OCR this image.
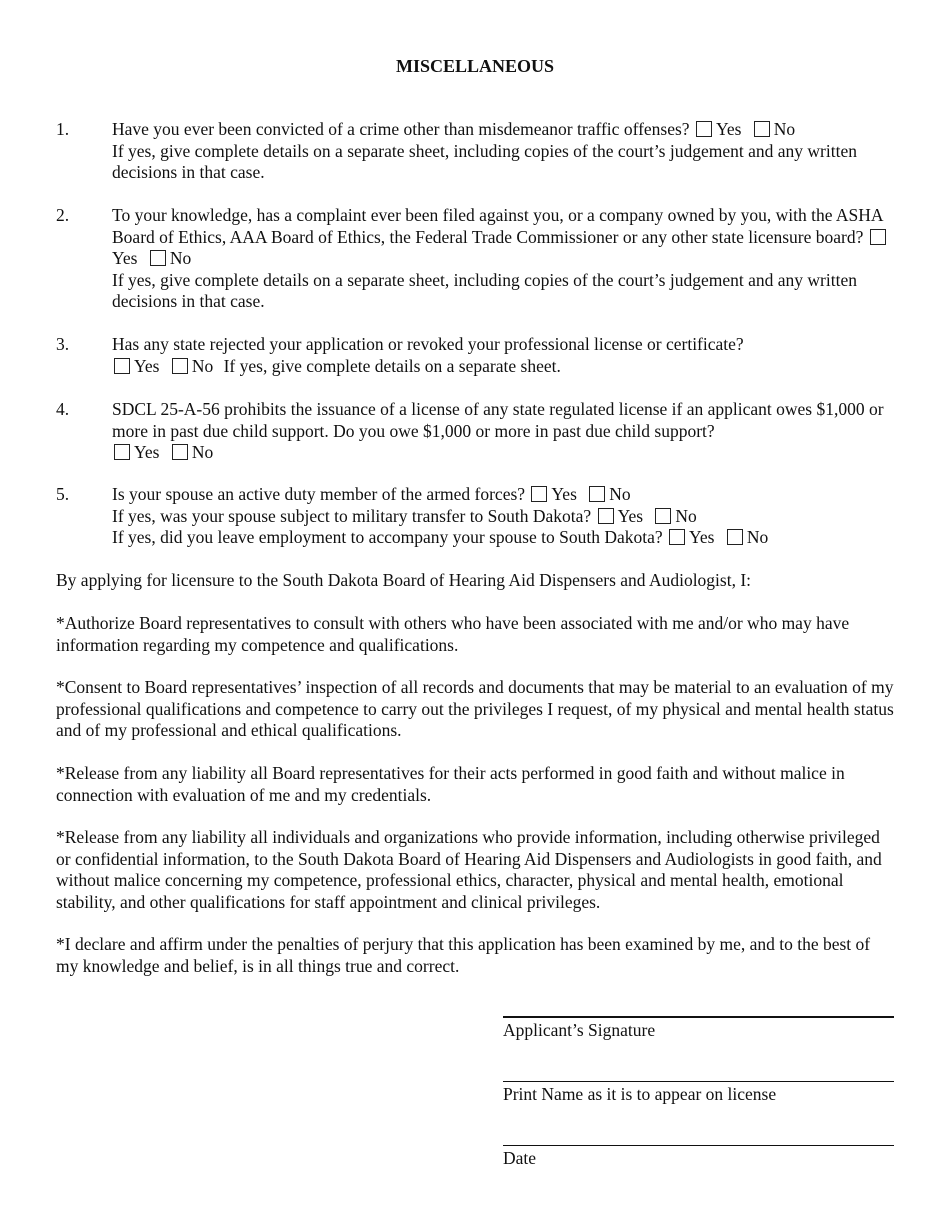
MISCELLANEOUS
1. Have you ever been convicted of a crime other than misdemeanor traffic offenses? Yes No
If yes, give complete details on a separate sheet, including copies of the court’s judgement and any written decisions in that case.
2. To your knowledge, has a complaint ever been filed against you, or a company owned by you, with the ASHA Board of Ethics, AAA Board of Ethics, the Federal Trade Commissioner or any other state licensure board? Yes No
If yes, give complete details on a separate sheet, including copies of the court’s judgement and any written decisions in that case.
3. Has any state rejected your application or revoked your professional license or certificate?
Yes No If yes, give complete details on a separate sheet.
4. SDCL 25-A-56 prohibits the issuance of a license of any state regulated license if an applicant owes $1,000 or more in past due child support. Do you owe $1,000 or more in past due child support?
Yes No
5. Is your spouse an active duty member of the armed forces? Yes No
If yes, was your spouse subject to military transfer to South Dakota? Yes No
If yes, did you leave employment to accompany your spouse to South Dakota? Yes No
By applying for licensure to the South Dakota Board of Hearing Aid Dispensers and Audiologist, I:
*Authorize Board representatives to consult with others who have been associated with me and/or who may have information regarding my competence and qualifications.
*Consent to Board representatives’ inspection of all records and documents that may be material to an evaluation of my professional qualifications and competence to carry out the privileges I request, of my physical and mental health status and of my professional and ethical qualifications.
*Release from any liability all Board representatives for their acts performed in good faith and without malice in connection with evaluation of me and my credentials.
*Release from any liability all individuals and organizations who provide information, including otherwise privileged or confidential information, to the South Dakota Board of Hearing Aid Dispensers and Audiologists in good faith, and without malice concerning my competence, professional ethics, character, physical and mental health, emotional stability, and other qualifications for staff appointment and clinical privileges.
*I declare and affirm under the penalties of perjury that this application has been examined by me, and to the best of my knowledge and belief, is in all things true and correct.
Applicant’s Signature
Print Name as it is to appear on license
Date
